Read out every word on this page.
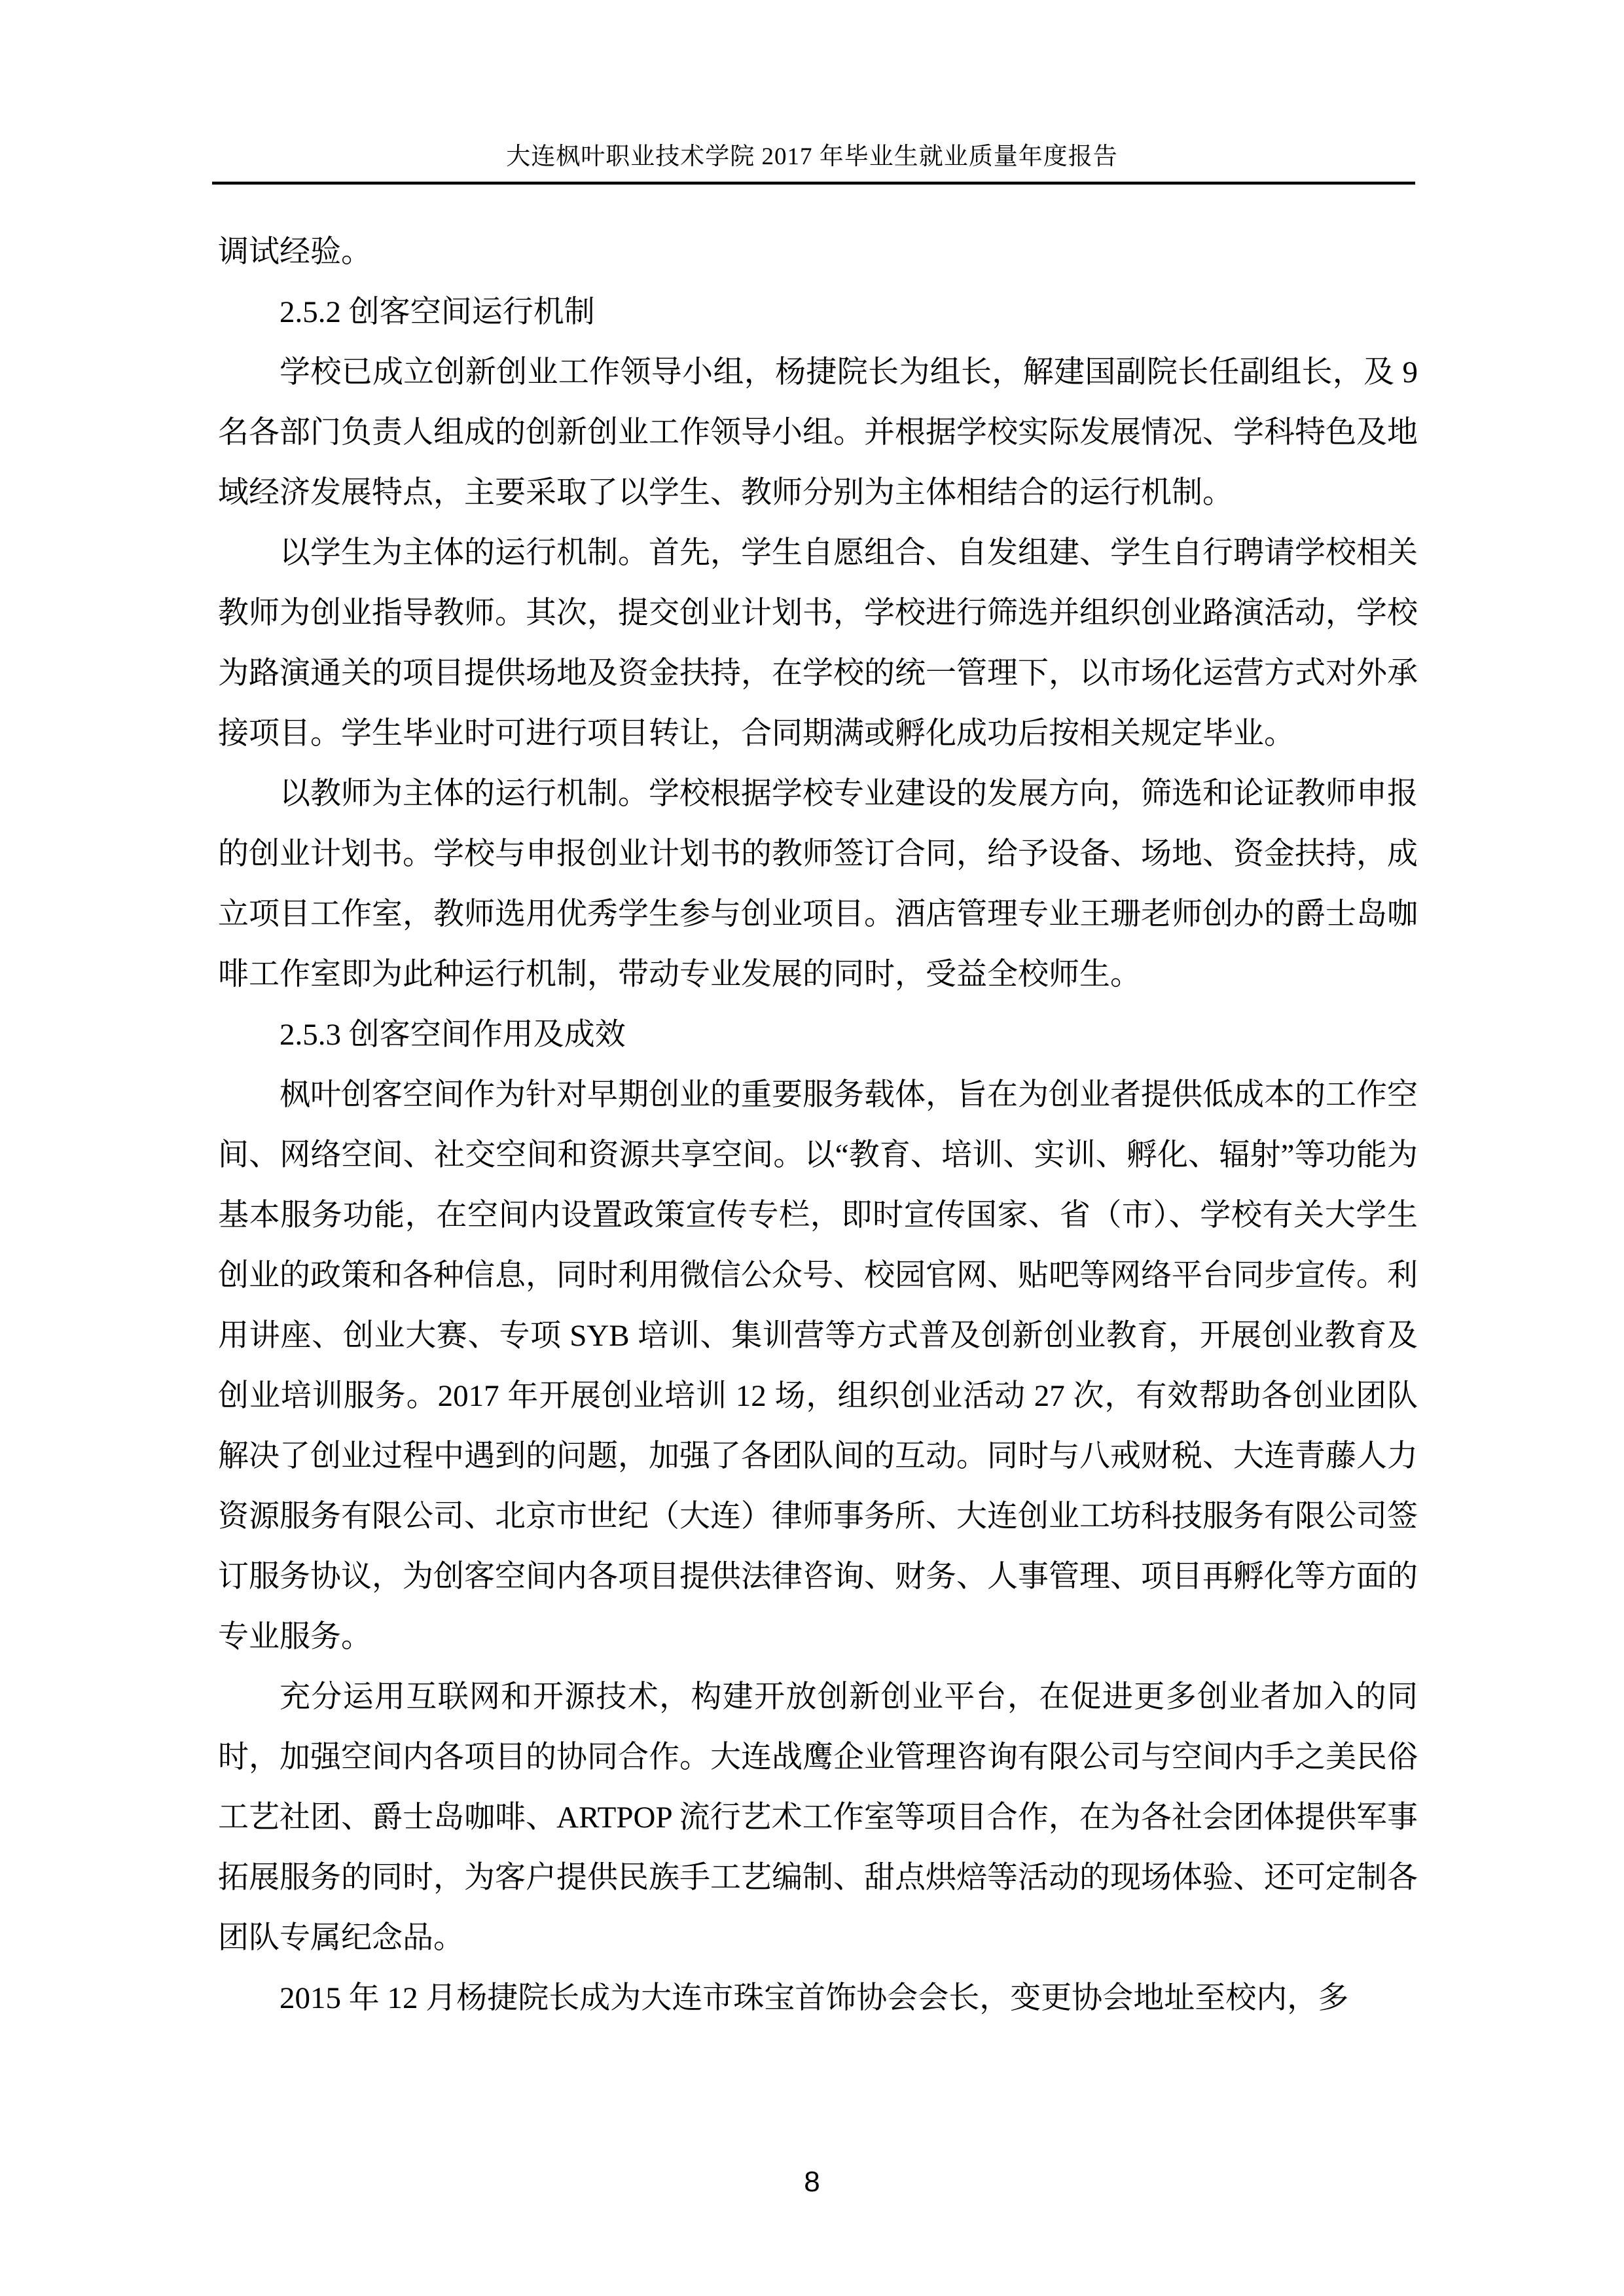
大连枫叶职业技术学院 2017 年毕业生就业质量年度报告

调试经验。

2.5.2 创客空间运行机制

学校已成立创新创业工作领导小组，杨捷院长为组长，解建国副院长任副组长，及 9 名各部门负责人组成的创新创业工作领导小组。并根据学校实际发展情况、学科特色及地域经济发展特点，主要采取了以学生、教师分别为主体相结合的运行机制。

以学生为主体的运行机制。首先，学生自愿组合、自发组建、学生自行聘请学校相关教师为创业指导教师。其次，提交创业计划书，学校进行筛选并组织创业路演活动，学校为路演通关的项目提供场地及资金扶持，在学校的统一管理下，以市场化运营方式对外承接项目。学生毕业时可进行项目转让，合同期满或孵化成功后按相关规定毕业。

以教师为主体的运行机制。学校根据学校专业建设的发展方向，筛选和论证教师申报的创业计划书。学校与申报创业计划书的教师签订合同，给予设备、场地、资金扶持，成立项目工作室，教师选用优秀学生参与创业项目。酒店管理专业王珊老师创办的爵士岛咖啡工作室即为此种运行机制，带动专业发展的同时，受益全校师生。

2.5.3 创客空间作用及成效

枫叶创客空间作为针对早期创业的重要服务载体，旨在为创业者提供低成本的工作空间、网络空间、社交空间和资源共享空间。以“教育、培训、实训、孵化、辐射”等功能为基本服务功能，在空间内设置政策宣传专栏，即时宣传国家、省（市）、学校有关大学生创业的政策和各种信息，同时利用微信公众号、校园官网、贴吧等网络平台同步宣传。利用讲座、创业大赛、专项 SYB 培训、集训营等方式普及创新创业教育，开展创业教育及创业培训服务。2017 年开展创业培训 12 场，组织创业活动 27 次，有效帮助各创业团队解决了创业过程中遇到的问题，加强了各团队间的互动。同时与八戒财税、大连青藤人力资源服务有限公司、北京市世纪（大连）律师事务所、大连创业工坊科技服务有限公司签订服务协议，为创客空间内各项目提供法律咨询、财务、人事管理、项目再孵化等方面的专业服务。

充分运用互联网和开源技术，构建开放创新创业平台，在促进更多创业者加入的同时，加强空间内各项目的协同合作。大连战鹰企业管理咨询有限公司与空间内手之美民俗工艺社团、爵士岛咖啡、ARTPOP 流行艺术工作室等项目合作，在为各社会团体提供军事拓展服务的同时，为客户提供民族手工艺编制、甜点烘焙等活动的现场体验、还可定制各团队专属纪念品。

2015 年 12 月杨捷院长成为大连市珠宝首饰协会会长，变更协会地址至校内，多

8
